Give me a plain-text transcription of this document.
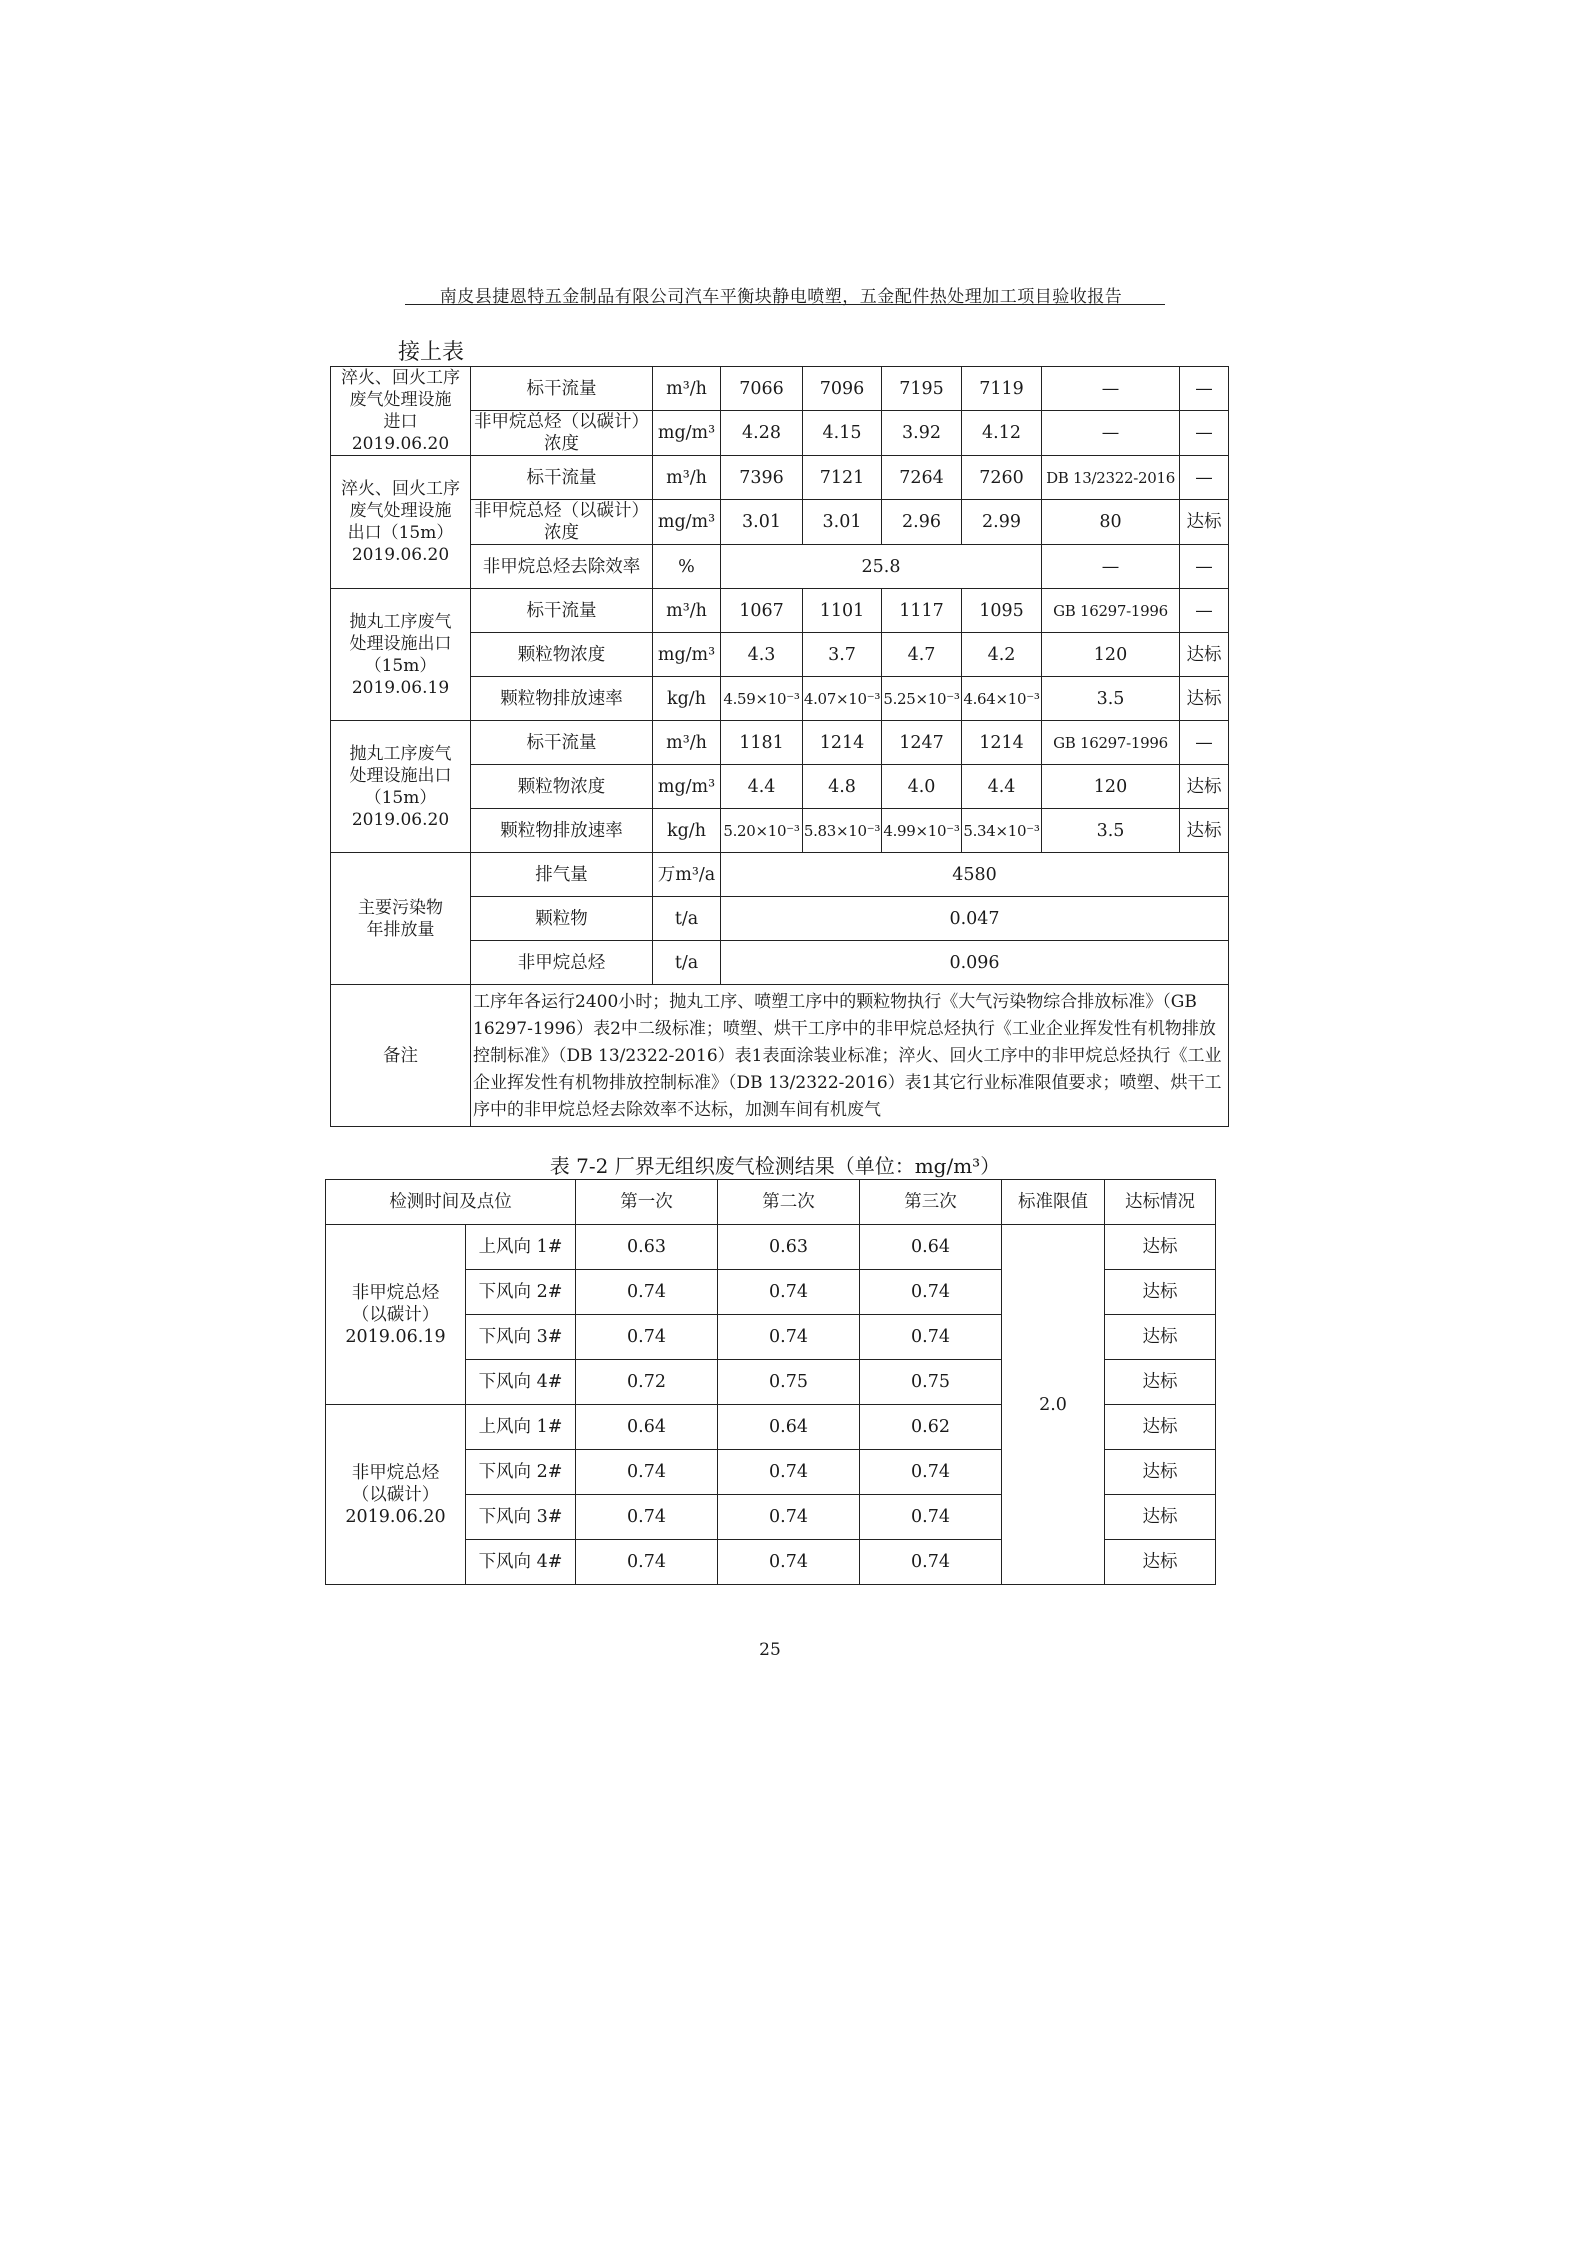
南皮县捷恩特五金制品有限公司汽车平衡块静电喷塑，五金配件热处理加工项目验收报告
接上表
淬火、回火工序
废气处理设施
进口
2019.06.20	标干流量	m³/h	7066	7096	7195	7119	—	—
	非甲烷总烃（以碳计）浓度	mg/m³	4.28	4.15	3.92	4.12	—	—

淬火、回火工序
废气处理设施
出口（15m）
2019.06.20	标干流量	m³/h	7396	7121	7264	7260	DB 13/2322-2016	—
	非甲烷总烃（以碳计）浓度	mg/m³	3.01	3.01	2.96	2.99	80	达标
	非甲烷总烃去除效率	%	25.8				—	—

抛丸工序废气
处理设施出口
（15m）
2019.06.19	标干流量	m³/h	1067	1101	1117	1095	GB 16297-1996	—
	颗粒物浓度	mg/m³	4.3	3.7	4.7	4.2	120	达标
	颗粒物排放速率	kg/h	4.59×10⁻³	4.07×10⁻³	5.25×10⁻³	4.64×10⁻³	3.5	达标

抛丸工序废气
处理设施出口
（15m）
2019.06.20	标干流量	m³/h	1181	1214	1247	1214	GB 16297-1996	—
	颗粒物浓度	mg/m³	4.4	4.8	4.0	4.4	120	达标
	颗粒物排放速率	kg/h	5.20×10⁻³	5.83×10⁻³	4.99×10⁻³	5.34×10⁻³	3.5	达标

主要污染物
年排放量	排气量	万m³/a	4580					
	颗粒物	t/a	0.047					
	非甲烷总烃	t/a	0.096					
备注	工序年各运行2400小时；抛丸工序、喷塑工序中的颗粒物执行《大气污染物综合排放标准》（GB 16297-1996）表2中二级标准；喷塑、烘干工序中的非甲烷总烃执行《工业企业挥发性有机物排放控制标准》（DB 13/2322-2016）表1表面涂装业标准；淬火、回火工序中的非甲烷总烃执行《工业企业挥发性有机物排放控制标准》（DB 13/2322-2016）表1其它行业标准限值要求；喷塑、烘干工序中的非甲烷总烃去除效率不达标，加测车间有机废气							
表 7-2 厂界无组织废气检测结果（单位：mg/m³）
检测时间及点位		第一次	第二次	第三次	标准限值	达标情况

非甲烷总烃
（以碳计）
2019.06.19	上风向 1#	0.63	0.63	0.64	2.0	达标
	下风向 2#	0.74	0.74	0.74		达标
	下风向 3#	0.74	0.74	0.74		达标
	下风向 4#	0.72	0.75	0.75		达标

非甲烷总烃
（以碳计）
2019.06.20	上风向 1#	0.64	0.64	0.62		达标
	下风向 2#	0.74	0.74	0.74		达标
	下风向 3#	0.74	0.74	0.74		达标
	下风向 4#	0.74	0.74	0.74		达标
25
